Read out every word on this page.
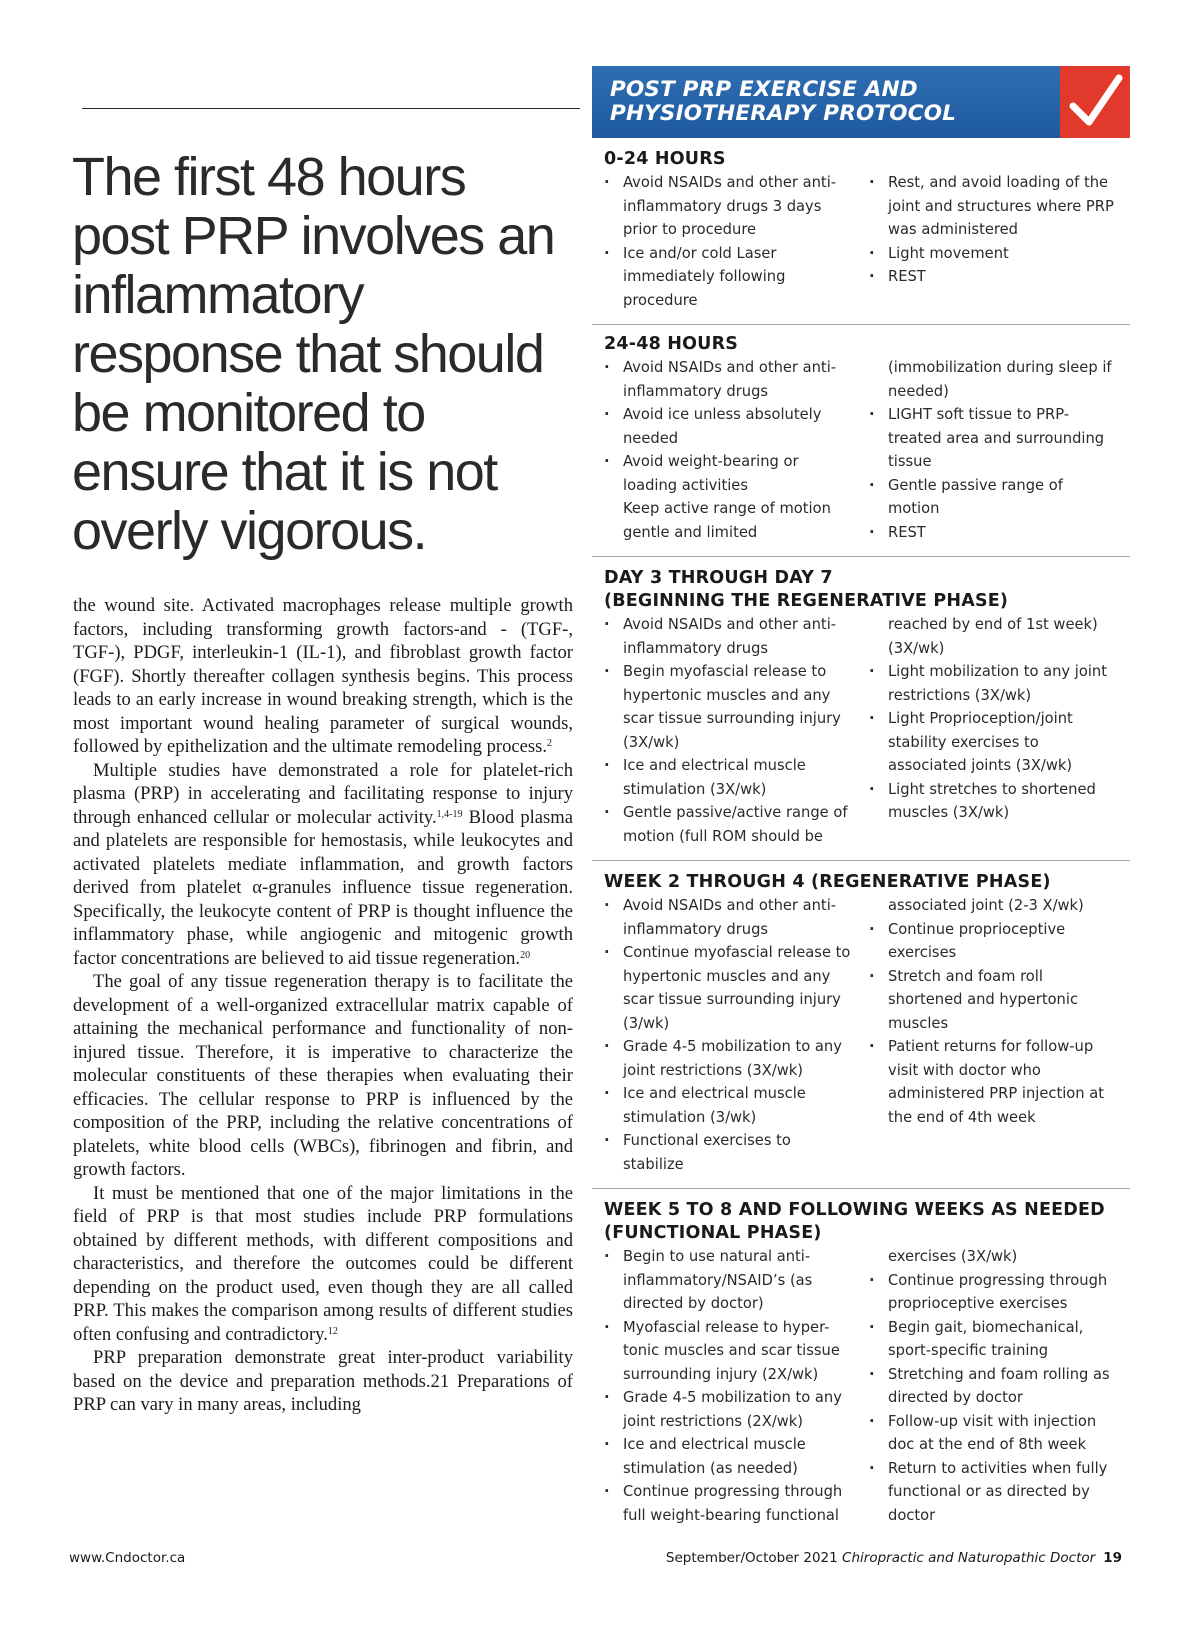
The first 48 hours post PRP involves an inflammatory response that should be monitored to ensure that it is not overly vigorous.

the wound site. Activated macrophages release multiple growth factors, including transforming growth factors-and - (TGF-, TGF-), PDGF, interleukin-1 (IL-1), and fibroblast growth factor (FGF). Shortly thereafter collagen synthesis begins. This process leads to an early increase in wound breaking strength, which is the most important wound healing parameter of surgical wounds, followed by epithelization and the ultimate remodeling process.$^2$

Multiple studies have demonstrated a role for platelet-rich plasma (PRP) in accelerating and facilitating response to injury through enhanced cellular or molecular activity.$^{1,4-19}$ Blood plasma and platelets are responsible for hemostasis, while leukocytes and activated platelets mediate inflammation, and growth factors derived from platelet α-granules influence tissue regeneration. Specifically, the leukocyte content of PRP is thought influence the inflammatory phase, while angiogenic and mitogenic growth factor concentrations are believed to aid tissue regeneration.$^{20}$

The goal of any tissue regeneration therapy is to facilitate the development of a well-organized extracellular matrix capable of attaining the mechanical performance and functionality of non-injured tissue. Therefore, it is imperative to characterize the molecular constituents of these therapies when evaluating their efficacies. The cellular response to PRP is influenced by the composition of the PRP, including the relative concentrations of platelets, white blood cells (WBCs), fibrinogen and fibrin, and growth factors.

It must be mentioned that one of the major limitations in the field of PRP is that most studies include PRP formulations obtained by different methods, with different compositions and characteristics, and therefore the outcomes could be different depending on the product used, even though they are all called PRP. This makes the comparison among results of different studies often confusing and contradictory.$^{12}$

PRP preparation demonstrate great inter-product variability based on the device and preparation methods.21 Preparations of PRP can vary in many areas, including

POST PRP EXERCISE AND
PHYSIOTHERAPY PROTOCOL
0-24 HOURS
· Avoid NSAIDs and other anti-inflammatory drugs 3 days prior to procedure
· Ice and/or cold Laser immediately following procedure
· Rest, and avoid loading of the joint and structures where PRP was administered
· Light movement
· REST
24-48 HOURS
· Avoid NSAIDs and other anti-inflammatory drugs
· Avoid ice unless absolutely needed
· Avoid weight-bearing or loading activities
Keep active range of motion gentle and limited
(immobilization during sleep if needed)
· LIGHT soft tissue to PRP-treated area and surrounding tissue
· Gentle passive range of motion
· REST
DAY 3 THROUGH DAY 7
(BEGINNING THE REGENERATIVE PHASE)
· Avoid NSAIDs and other anti-inflammatory drugs
· Begin myofascial release to hypertonic muscles and any scar tissue surrounding injury (3X/wk)
· Ice and electrical muscle stimulation (3X/wk)
· Gentle passive/active range of motion (full ROM should be
reached by end of 1st week) (3X/wk)
· Light mobilization to any joint restrictions (3X/wk)
· Light Proprioception/joint stability exercises to associated joints (3X/wk)
· Light stretches to shortened muscles (3X/wk)
WEEK 2 THROUGH 4 (REGENERATIVE PHASE)
· Avoid NSAIDs and other anti-inflammatory drugs
· Continue myofascial release to hypertonic muscles and any scar tissue surrounding injury (3/wk)
· Grade 4-5 mobilization to any joint restrictions (3X/wk)
· Ice and electrical muscle stimulation (3/wk)
· Functional exercises to stabilize
associated joint (2-3 X/wk)
· Continue proprioceptive exercises
· Stretch and foam roll shortened and hypertonic muscles
· Patient returns for follow-up visit with doctor who administered PRP injection at the end of 4th week
WEEK 5 TO 8 AND FOLLOWING WEEKS AS NEEDED
(FUNCTIONAL PHASE)
· Begin to use natural anti-inflammatory/NSAID’s (as directed by doctor)
· Myofascial release to hyper-tonic muscles and scar tissue surrounding injury (2X/wk)
· Grade 4-5 mobilization to any joint restrictions (2X/wk)
· Ice and electrical muscle stimulation (as needed)
· Continue progressing through full weight-bearing functional
exercises (3X/wk)
· Continue progressing through proprioceptive exercises
· Begin gait, biomechanical, sport-specific training
· Stretching and foam rolling as directed by doctor
· Follow-up visit with injection doc at the end of 8th week
· Return to activities when fully functional or as directed by doctor

www.Cndoctor.ca	September/October 2021 Chiropractic and Naturopathic Doctor 19
